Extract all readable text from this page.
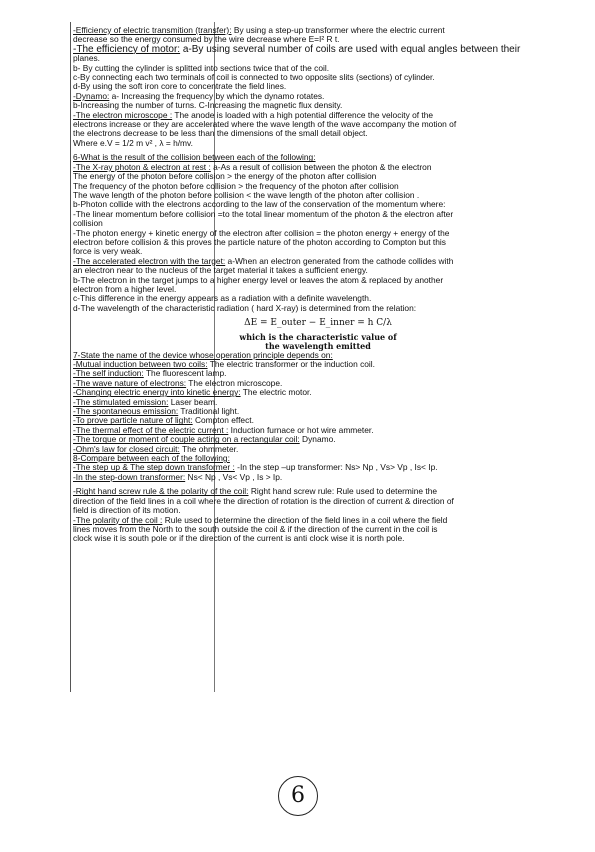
-Efficiency of electric transmition (transfer): By using a step-up transformer where the electric current
decrease so the energy consumed by the wire decrease where E=I² R t.
-The efficiency of motor: a-By using several number of coils are used with equal angles between their
planes.
b- By cutting the cylinder is splitted into sections twice that of the coil.
c-By connecting each two terminals of coil is connected to two opposite slits (sections) of cylinder.
d-By using the soft iron core to concentrate the field lines.
-Dynamo: a- Increasing the frequency by which the dynamo rotates.
b-Increasing the number of turns. C-Increasing the magnetic flux density.
-The electron microscope : The anode is loaded with a high potential difference the velocity of the
electrons increase or they are accelerated where the wave length of the wave accompany the motion of
the electrons decrease to be less than the dimensions of the small detail object.
Where e.V = 1/2 m v² , λ = h/mv.
6-What is the result of the collision between each of the following:
-The X-ray photon & electron at rest : a-As a result of collision between the photon & the electron
The energy of the photon before collision > the energy of the photon after collision
The frequency of the photon before collision > the frequency of the photon after collision
The wave length of the photon before collision < the wave length of the photon after collision .
b-Photon collide with the electrons according to the law of the conservation of the momentum where:
-The linear momentum before collision =to the total linear momentum of the photon & the electron after
collision
-The photon energy + kinetic energy of the electron after collision = the photon energy + energy of the
electron before collision & this proves the particle nature of the photon according to Compton but this
force is very weak.
-The accelerated electron with the target: a-When an electron generated from the cathode collides with
an electron near to the nucleus of the target material it takes a sufficient energy.
b-The electron in the target jumps to a higher energy level or leaves the atom & replaced by another
electron from a higher level.
c-This difference in the energy appears as a radiation with a definite wavelength.
d-The wavelength of the characteristic radiation ( hard X-ray) is determined from the relation:
ΔE = E_outer − E_inner = h C/λ
which is the characteristic value of
the wavelength emitted
7-State the name of the device whose operation principle depends on:
-Mutual induction between two coils: The electric transformer or the induction coil.
-The self induction: The fluorescent lamp.
-The wave nature of electrons: The electron microscope.
-Changing electric energy into kinetic energy: The electric motor.
-The stimulated emission: Laser beam.
-The spontaneous emission: Traditional light.
-To prove particle nature of light: Compton effect.
-The thermal effect of the electric current : Induction furnace or hot wire ammeter.
-The torque or moment of couple acting on a rectangular coil: Dynamo.
-Ohm's law for closed circuit: The ohmmeter.
8-Compare between each of the following:
-The step up & The step down transformer : -In the step –up transformer: Ns> Np , Vs> Vp , Is< Ip.
-In the step-down transformer: Ns< Np , Vs< Vp , Is > Ip.
-Right hand screw rule & the polarity of the coil: Right hand screw rule: Rule used to determine the
direction of the field lines in a coil where the direction of rotation is the direction of current & direction of
field is direction of its motion.
-The polarity of the coil : Rule used to determine the direction of the field lines in a coil where the field
lines moves from the North to the south outside the coil & if the direction of the current in the coil is
clock wise it is south pole or if the direction of the current is anti clock wise it is north pole.
6
